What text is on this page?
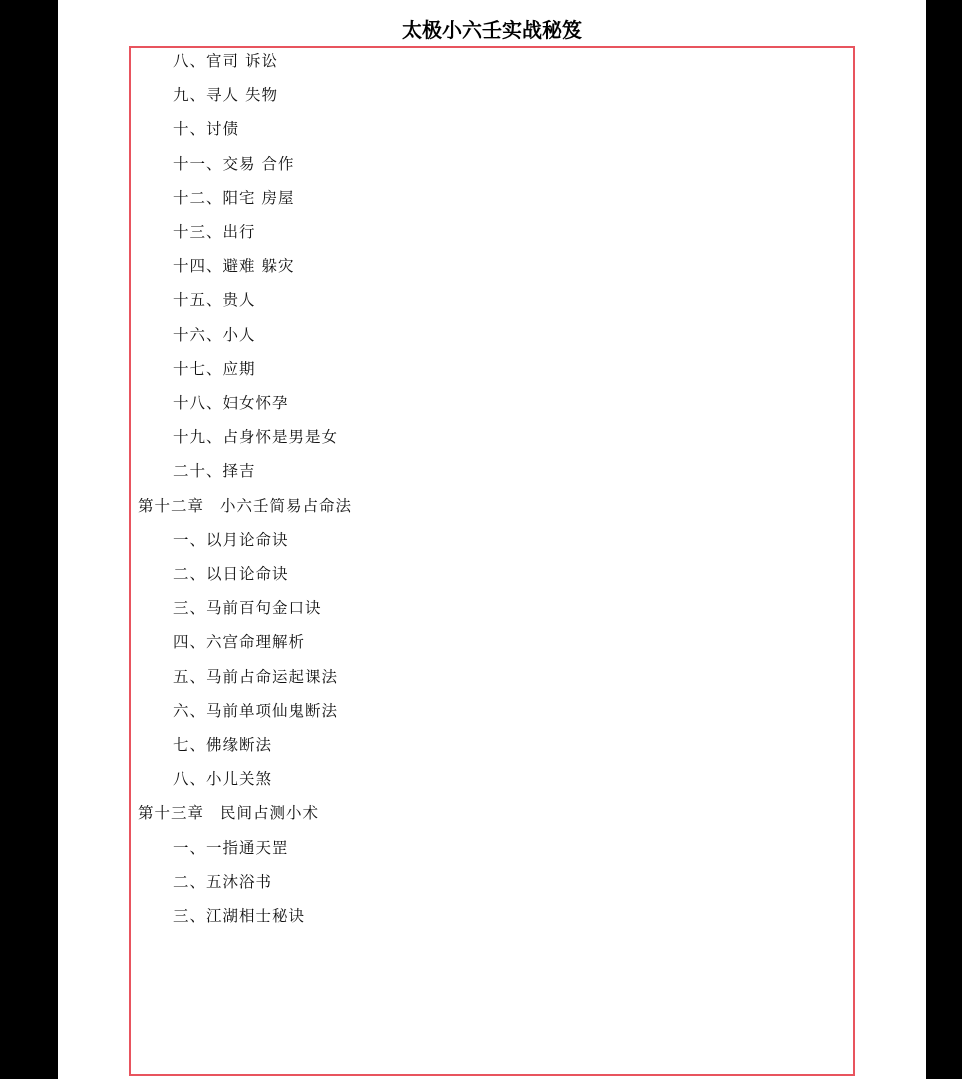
太极小六壬实战秘笈
八、官司 诉讼
九、寻人 失物
十、讨债
十一、交易 合作
十二、阳宅 房屋
十三、出行
十四、避难 躲灾
十五、贵人
十六、小人
十七、应期
十八、妇女怀孕
十九、占身怀是男是女
二十、择吉
第十二章 小六壬简易占命法
一、以月论命诀
二、以日论命诀
三、马前百句金口诀
四、六宫命理解析
五、马前占命运起课法
六、马前单项仙鬼断法
七、佛缘断法
八、小儿关煞
第十三章 民间占测小术
一、一指通天罡
二、五沐浴书
三、江湖相士秘诀
